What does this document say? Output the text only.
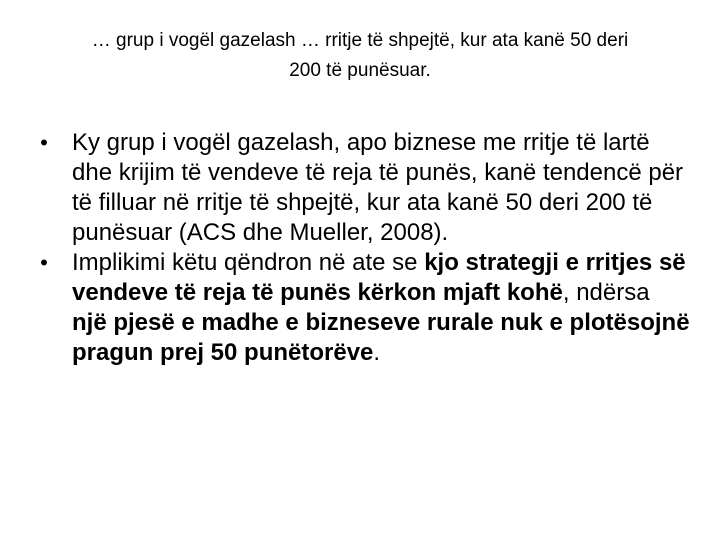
… grup i vogël gazelash … rritje të shpejtë, kur ata kanë 50 deri
200 të punësuar.
•	Ky grup i vogël gazelash, apo biznese me rritje të lartë dhe krijim të vendeve të reja të punës, kanë tendencë për të filluar në rritje të shpejtë, kur ata kanë 50 deri 200 të punësuar (ACS dhe Mueller, 2008).
•	Implikimi këtu qëndron në ate se kjo strategji e rritjes së vendeve të reja të punës kërkon mjaft kohë, ndërsa një pjesë e madhe e bizneseve rurale nuk e plotësojnë pragun prej 50 punëtorëve.
